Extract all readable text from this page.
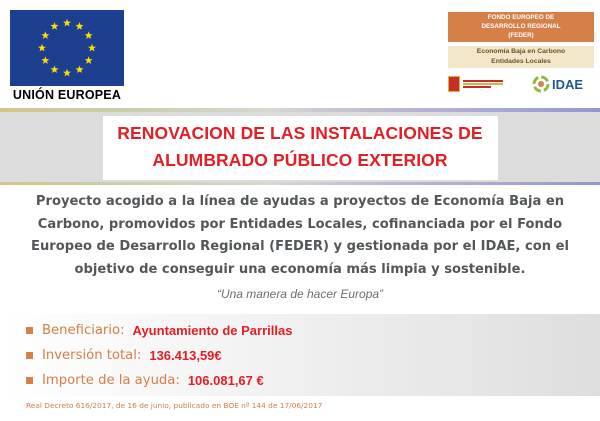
UNIÓN EUROPEA
FONDO EUROPEO DE
DESARROLLO REGIONAL
(FEDER)
Economía Baja en Carbono
Entidades Locales
IDAE
RENOVACION DE LAS INSTALACIONES DE
ALUMBRADO PÚBLICO EXTERIOR
Proyecto acogido a la línea de ayudas a proyectos de Economía Baja en
Carbono, promovidos por Entidades Locales, cofinanciada por el Fondo
Europeo de Desarrollo Regional (FEDER) y gestionada por el IDAE, con el
objetivo de conseguir una economía más limpia y sostenible.
“Una manera de hacer Europa”
Beneficiario: Ayuntamiento de Parrillas
Inversión total: 136.413,59€
Importe de la ayuda: 106.081,67 €
Real Decreto 616/2017, de 16 de junio, publicado en BOE nº 144 de 17/06/2017
